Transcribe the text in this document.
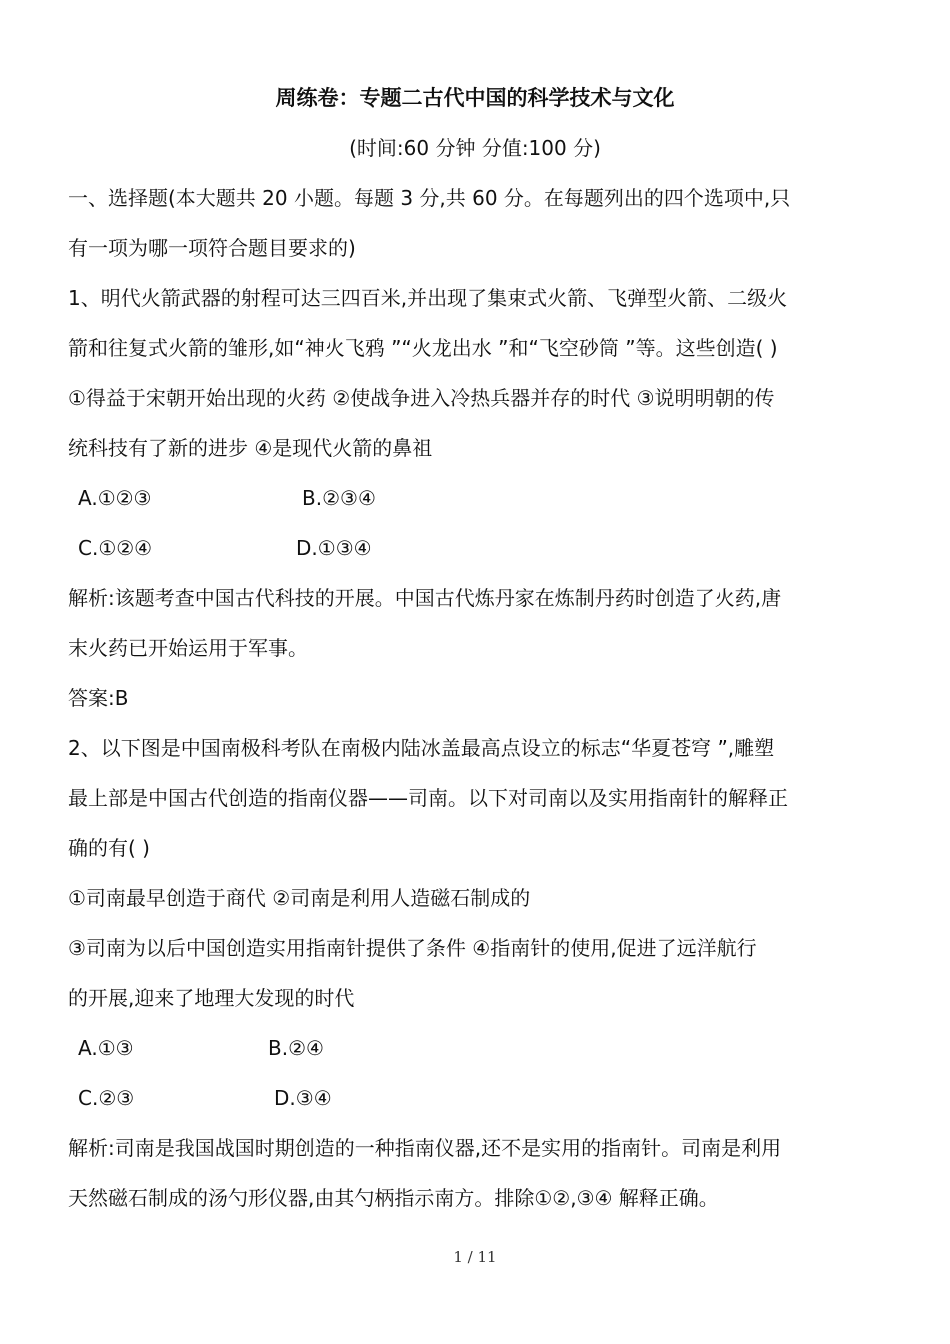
周练卷：专题二古代中国的科学技术与文化
(时间:60 分钟 分值:100 分)
一、选择题(本大题共 20 小题。每题 3 分,共 60 分。在每题列出的四个选项中,只
有一项为哪一项符合题目要求的)
1、明代火箭武器的射程可达三四百米,并出现了集束式火箭、飞弹型火箭、二级火
箭和往复式火箭的雏形,如“神火飞鸦 ”“火龙出水 ”和“飞空砂筒 ”等。这些创造( )
①得益于宋朝开始出现的火药 ②使战争进入冷热兵器并存的时代 ③说明明朝的传
统科技有了新的进步 ④是现代火箭的鼻祖
A.①②③	B.②③④
C.①②④	D.①③④
解析:该题考查中国古代科技的开展。中国古代炼丹家在炼制丹药时创造了火药,唐
末火药已开始运用于军事。
答案:B
2、以下图是中国南极科考队在南极内陆冰盖最高点设立的标志“华夏苍穹 ”,雕塑
最上部是中国古代创造的指南仪器——司南。以下对司南以及实用指南针的解释正
确的有( )
①司南最早创造于商代 ②司南是利用人造磁石制成的
③司南为以后中国创造实用指南针提供了条件 ④指南针的使用,促进了远洋航行
的开展,迎来了地理大发现的时代
A.①③	B.②④
C.②③	D.③④
解析:司南是我国战国时期创造的一种指南仪器,还不是实用的指南针。司南是利用
天然磁石制成的汤勺形仪器,由其勺柄指示南方。排除①②,③④ 解释正确。
1 / 11
